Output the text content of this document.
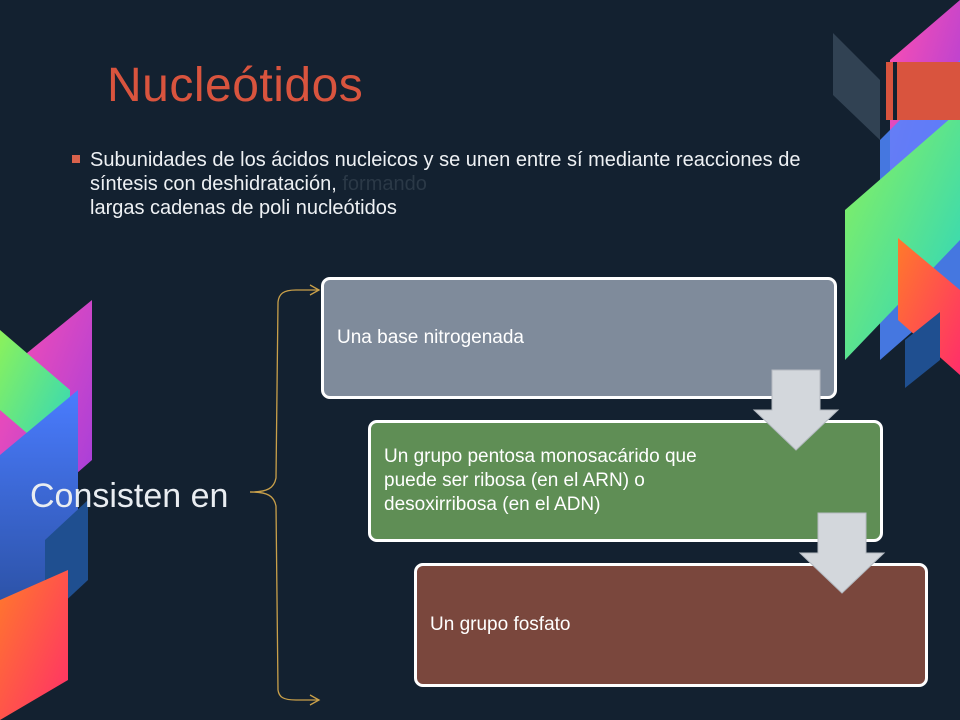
Nucleótidos
Subunidades de los ácidos nucleicos y se unen entre sí mediante reacciones de síntesis con deshidratación, formando
largas cadenas de poli nucleótidos
Consisten en
Una base nitrogenada
Un grupo pentosa monosacárido que puede ser ribosa (en el ARN) o desoxirribosa (en el ADN)
Un grupo fosfato
